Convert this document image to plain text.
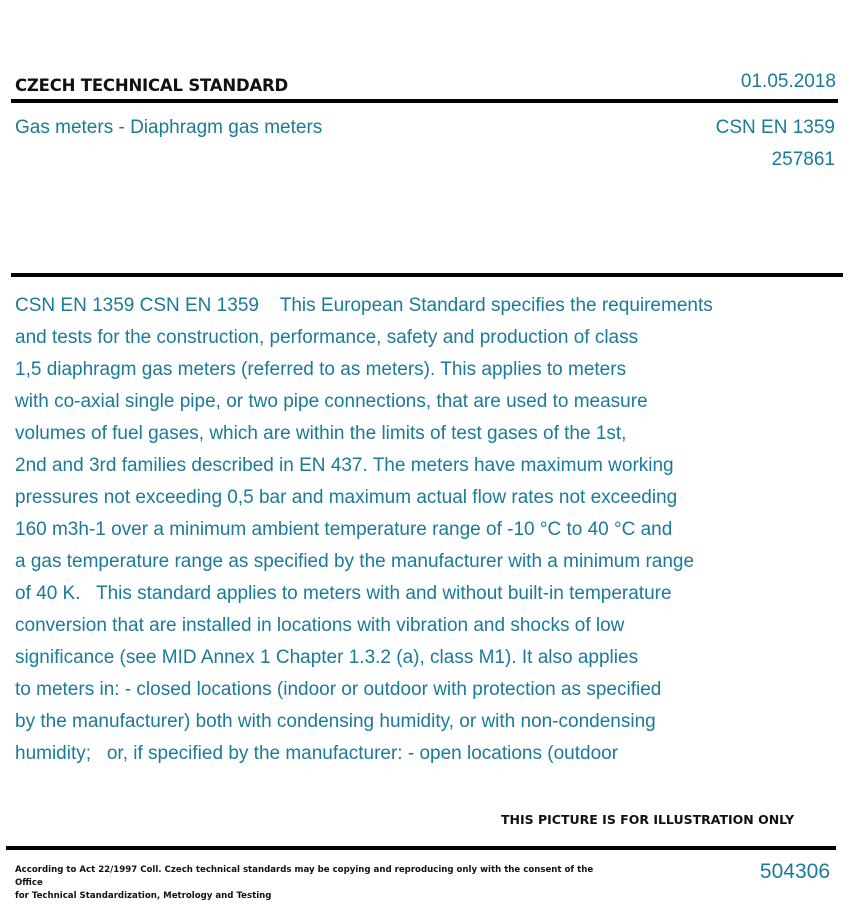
CZECH TECHNICAL STANDARD	01.05.2018
Gas meters - Diaphragm gas meters	CSN EN 1359
257861
CSN EN 1359 CSN EN 1359    This European Standard specifies the requirements
and tests for the construction, performance, safety and production of class
1,5 diaphragm gas meters (referred to as meters). This applies to meters
with co-axial single pipe, or two pipe connections, that are used to measure
volumes of fuel gases, which are within the limits of test gases of the 1st,
2nd and 3rd families described in EN 437. The meters have maximum working
pressures not exceeding 0,5 bar and maximum actual flow rates not exceeding
160 m3h-1 over a minimum ambient temperature range of -10 °C to 40 °C and
a gas temperature range as specified by the manufacturer with a minimum range
of 40 K.   This standard applies to meters with and without built-in temperature
conversion that are installed in locations with vibration and shocks of low
significance (see MID Annex 1 Chapter 1.3.2 (a), class M1). It also applies
to meters in: - closed locations (indoor or outdoor with protection as specified
by the manufacturer) both with condensing humidity, or with non-condensing
humidity;   or, if specified by the manufacturer: - open locations (outdoor
THIS PICTURE IS FOR ILLUSTRATION ONLY
According to Act 22/1997 Coll. Czech technical standards may be copying and reproducing only with the consent of the Office
for Technical Standardization, Metrology and Testing
504306
